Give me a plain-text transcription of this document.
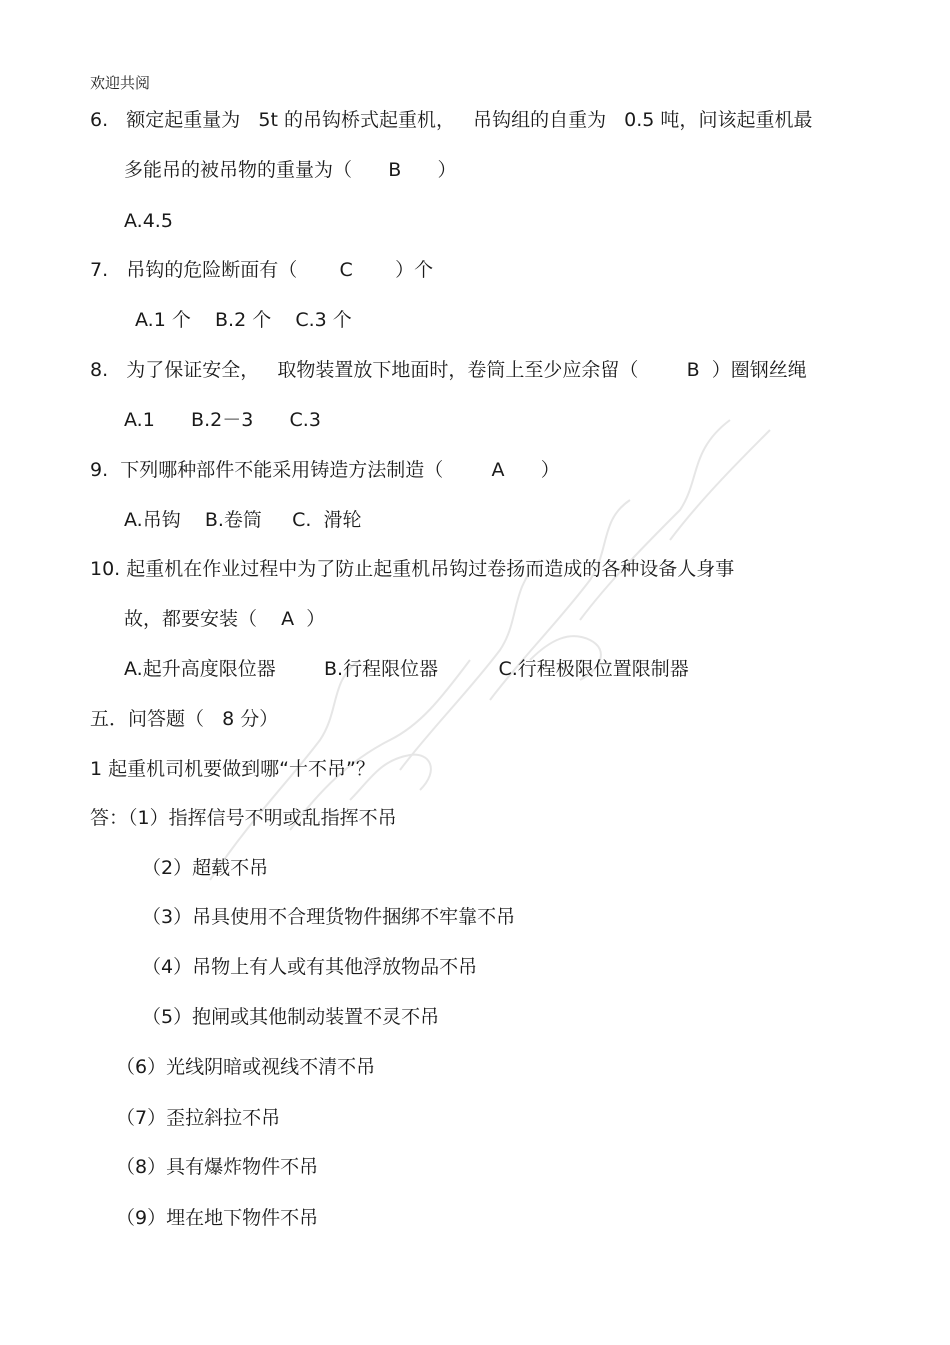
欢迎共阅
6.   额定起重量为   5t 的吊钩桥式起重机，   吊钩组的自重为   0.5 吨，问该起重机最
多能吊的被吊物的重量为（      B      ）
A.4.5
7.   吊钩的危险断面有（       C       ）个
A.1 个    B.2 个    C.3 个
8.   为了保证安全，   取物装置放下地面时，卷筒上至少应余留（        B  ）圈钢丝绳
A.1      B.2－3      C.3
9.  下列哪种部件不能采用铸造方法制造（        A      ）
A.吊钩    B.卷筒     C.  滑轮
10. 起重机在作业过程中为了防止起重机吊钩过卷扬而造成的各种设备人身事
故，都要安装（    A  ）
A.起升高度限位器        B.行程限位器          C.行程极限位置限制器
五．问答题（   8 分）
1 起重机司机要做到哪“十不吊”？
答：（1）指挥信号不明或乱指挥不吊
（2）超载不吊
（3）吊具使用不合理货物件捆绑不牢靠不吊
（4）吊物上有人或有其他浮放物品不吊
（5）抱闸或其他制动装置不灵不吊
（6）光线阴暗或视线不清不吊
（7）歪拉斜拉不吊
（8）具有爆炸物件不吊
（9）埋在地下物件不吊
